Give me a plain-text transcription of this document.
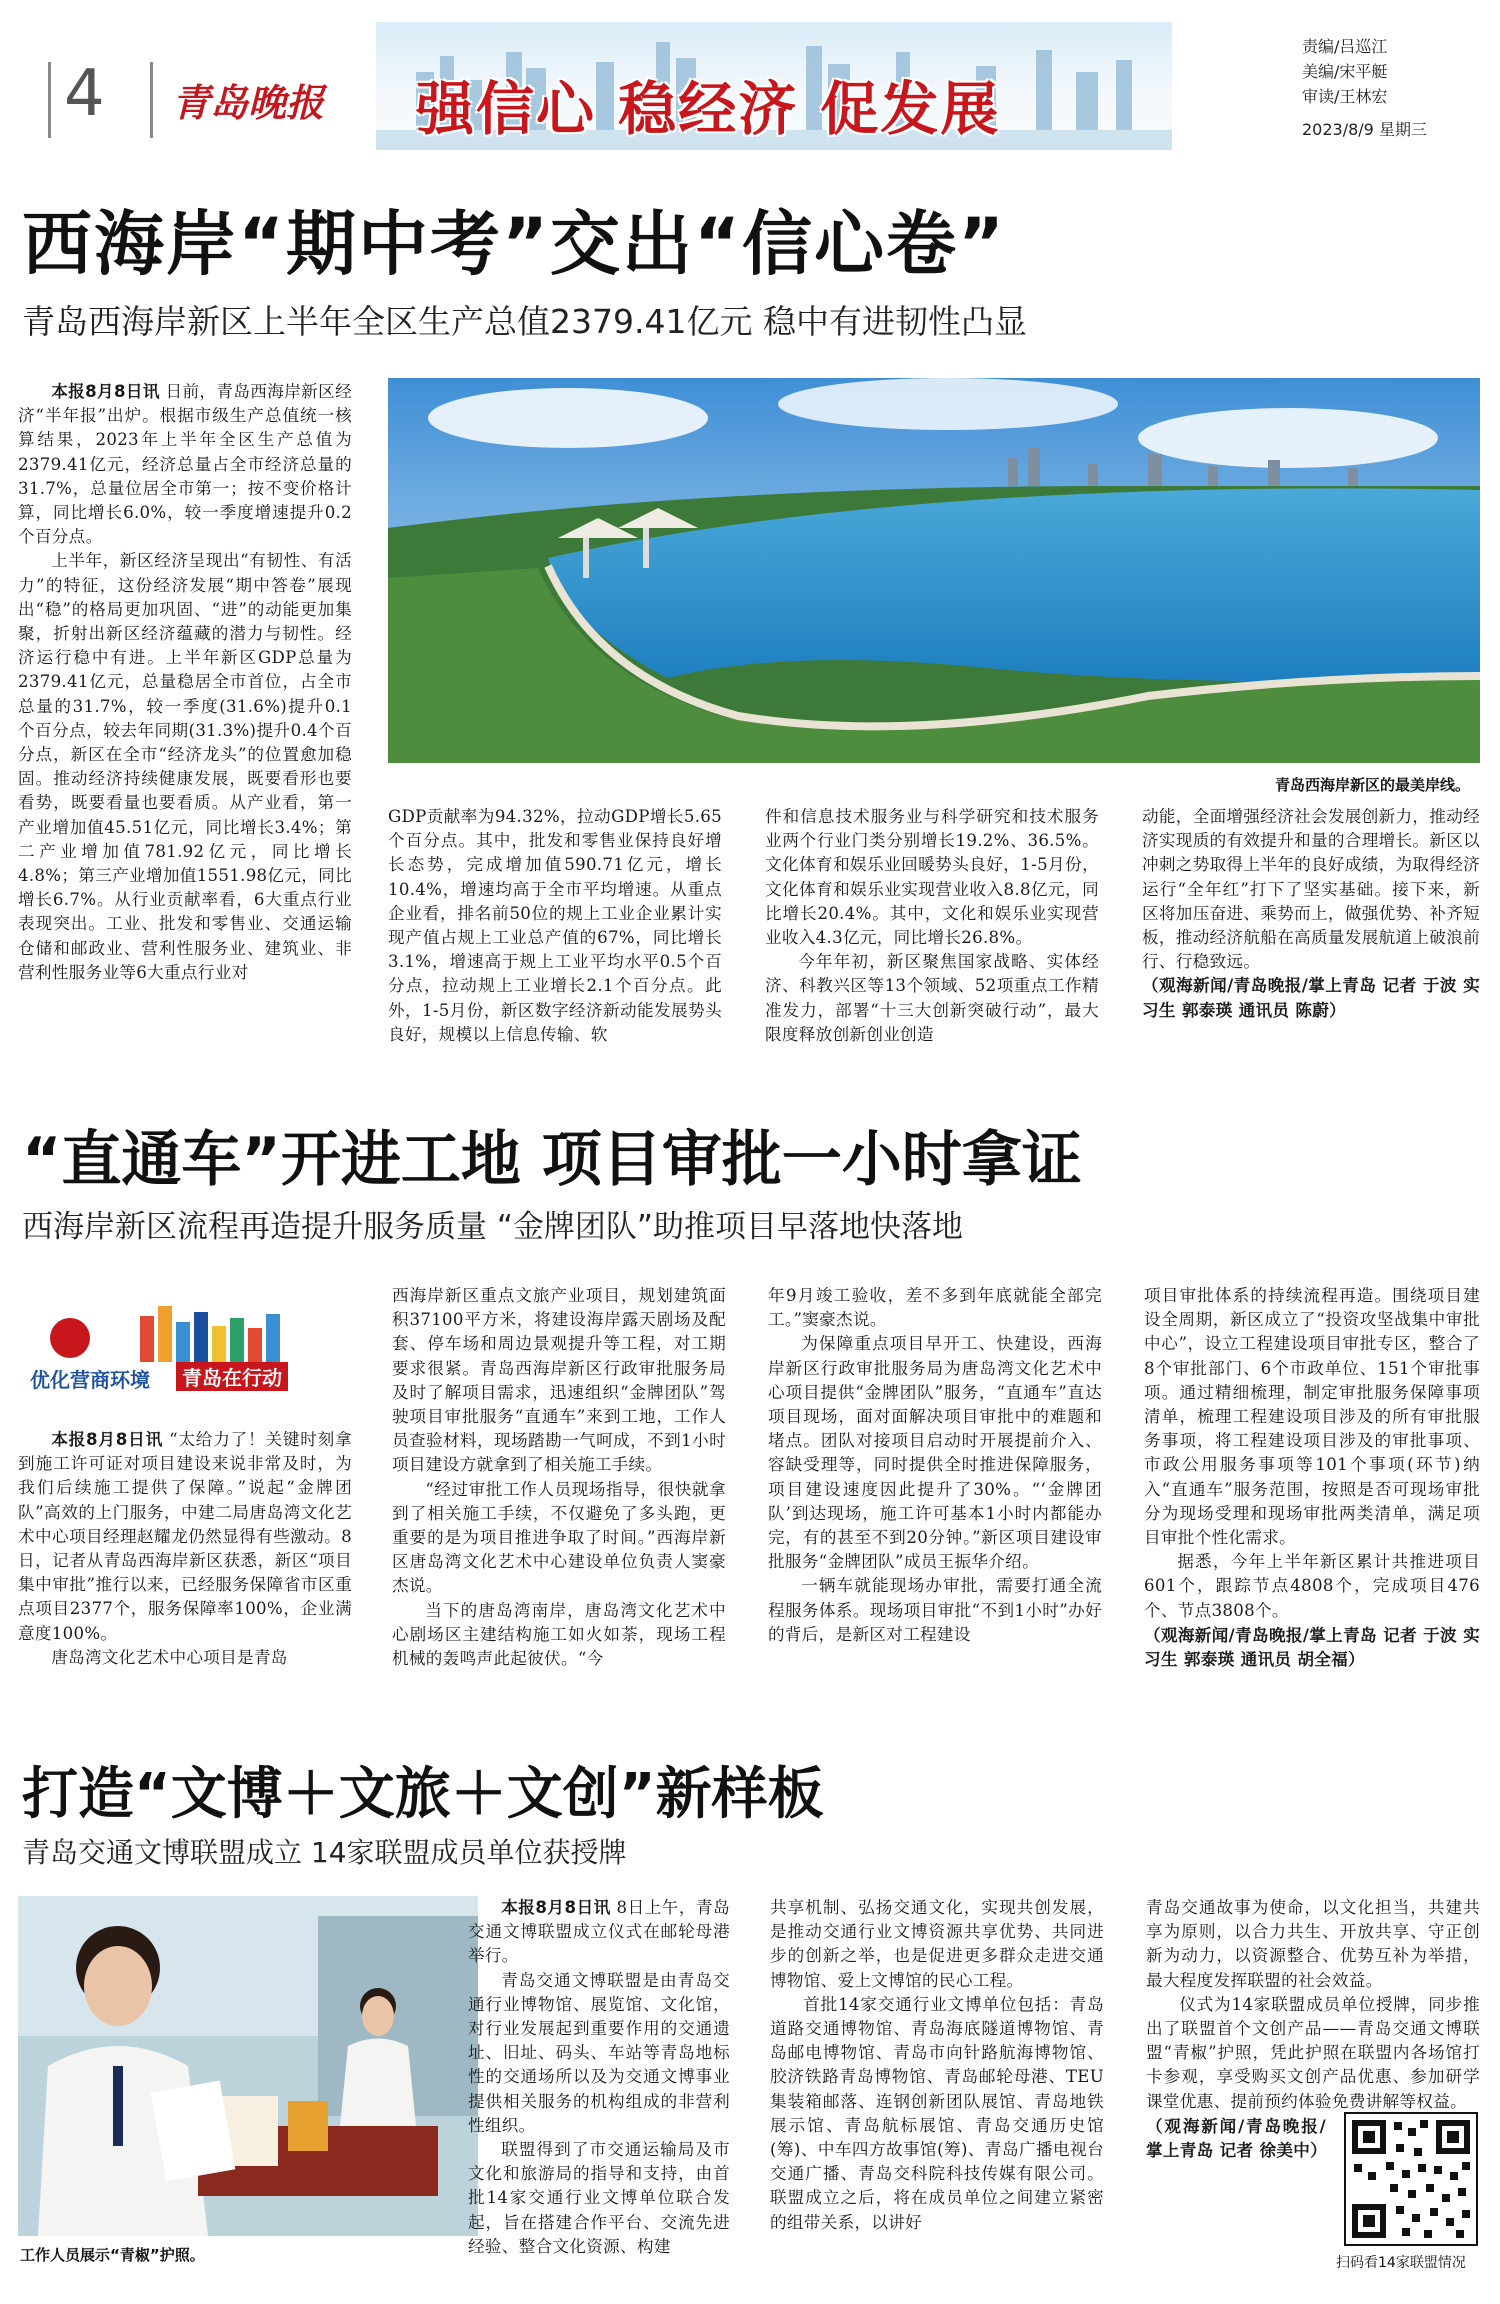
4 青岛晚报 强信心 稳经济 促发展
责编/吕巡江
美编/宋平艇
审读/王林宏
2023/8/9 星期三
西海岸“期中考”交出“信心卷”
青岛西海岸新区上半年全区生产总值2379.41亿元 稳中有进韧性凸显

本报8月8日讯 日前，青岛西海岸新区经济“半年报”出炉。根据市级生产总值统一核算结果，2023年上半年全区生产总值为2379.41亿元，经济总量占全市经济总量的31.7%，总量位居全市第一；按不变价格计算，同比增长6.0%，较一季度增速提升0.2个百分点。

上半年，新区经济呈现出“有韧性、有活力”的特征，这份经济发展“期中答卷”展现出“稳”的格局更加巩固、“进”的动能更加集聚，折射出新区经济蕴藏的潜力与韧性。经济运行稳中有进。上半年新区GDP总量为2379.41亿元，总量稳居全市首位，占全市总量的31.7%，较一季度(31.6%)提升0.1个百分点，较去年同期(31.3%)提升0.4个百分点，新区在全市“经济龙头”的位置愈加稳固。推动经济持续健康发展，既要看形也要看势，既要看量也要看质。从产业看，第一产业增加值45.51亿元，同比增长3.4%；第二产业增加值781.92亿元，同比增长4.8%；第三产业增加值1551.98亿元，同比增长6.7%。从行业贡献率看，6大重点行业表现突出。工业、批发和零售业、交通运输仓储和邮政业、营利性服务业、建筑业、非营利性服务业等6大重点行业对

青岛西海岸新区的最美岸线。

GDP贡献率为94.32%，拉动GDP增长5.65个百分点。其中，批发和零售业保持良好增长态势，完成增加值590.71亿元，增长10.4%，增速均高于全市平均增速。从重点企业看，排名前50位的规上工业企业累计实现产值占规上工业总产值的67%，同比增长3.1%，增速高于规上工业平均水平0.5个百分点，拉动规上工业增长2.1个百分点。此外，1-5月份，新区数字经济新动能发展势头良好，规模以上信息传输、软

件和信息技术服务业与科学研究和技术服务业两个行业门类分别增长19.2%、36.5%。文化体育和娱乐业回暖势头良好，1-5月份，文化体育和娱乐业实现营业收入8.8亿元，同比增长20.4%。其中，文化和娱乐业实现营业收入4.3亿元，同比增长26.8%。

今年年初，新区聚焦国家战略、实体经济、科教兴区等13个领域、52项重点工作精准发力，部署“十三大创新突破行动”，最大限度释放创新创业创造

动能，全面增强经济社会发展创新力，推动经济实现质的有效提升和量的合理增长。新区以冲刺之势取得上半年的良好成绩，为取得经济运行“全年红”打下了坚实基础。接下来，新区将加压奋进、乘势而上，做强优势、补齐短板，推动经济航船在高质量发展航道上破浪前行、行稳致远。

（观海新闻/青岛晚报/掌上青岛 记者 于波 实习生 郭泰瑛 通讯员 陈蔚）

“直通车”开进工地 项目审批一小时拿证
西海岸新区流程再造提升服务质量 “金牌团队”助推项目早落地快落地
优化营商环境	青岛在行动

本报8月8日讯 “太给力了！关键时刻拿到施工许可证对项目建设来说非常及时，为我们后续施工提供了保障。”说起“金牌团队”高效的上门服务，中建二局唐岛湾文化艺术中心项目经理赵耀龙仍然显得有些激动。8日，记者从青岛西海岸新区获悉，新区“项目集中审批”推行以来，已经服务保障省市区重点项目2377个，服务保障率100%，企业满意度100%。

唐岛湾文化艺术中心项目是青岛

西海岸新区重点文旅产业项目，规划建筑面积37100平方米，将建设海岸露天剧场及配套、停车场和周边景观提升等工程，对工期要求很紧。青岛西海岸新区行政审批服务局及时了解项目需求，迅速组织“金牌团队”驾驶项目审批服务“直通车”来到工地，工作人员查验材料，现场踏勘一气呵成，不到1小时项目建设方就拿到了相关施工手续。

“经过审批工作人员现场指导，很快就拿到了相关施工手续，不仅避免了多头跑，更重要的是为项目推进争取了时间。”西海岸新区唐岛湾文化艺术中心建设单位负责人窦豪杰说。

当下的唐岛湾南岸，唐岛湾文化艺术中心剧场区主建结构施工如火如荼，现场工程机械的轰鸣声此起彼伏。“今

年9月竣工验收，差不多到年底就能全部完工。”窦豪杰说。

为保障重点项目早开工、快建设，西海岸新区行政审批服务局为唐岛湾文化艺术中心项目提供“金牌团队”服务，“直通车”直达项目现场，面对面解决项目审批中的难题和堵点。团队对接项目启动时开展提前介入、容缺受理等，同时提供全时推进保障服务，项目建设速度因此提升了30%。“‘金牌团队’到达现场，施工许可基本1小时内都能办完，有的甚至不到20分钟。”新区项目建设审批服务“金牌团队”成员王振华介绍。

一辆车就能现场办审批，需要打通全流程服务体系。现场项目审批“不到1小时”办好的背后，是新区对工程建设

项目审批体系的持续流程再造。围绕项目建设全周期，新区成立了“投资攻坚战集中审批中心”，设立工程建设项目审批专区，整合了8个审批部门、6个市政单位、151个审批事项。通过精细梳理，制定审批服务保障事项清单，梳理工程建设项目涉及的所有审批服务事项，将工程建设项目涉及的审批事项、市政公用服务事项等101个事项(环节)纳入“直通车”服务范围，按照是否可现场审批分为现场受理和现场审批两类清单，满足项目审批个性化需求。

据悉，今年上半年新区累计共推进项目601个，跟踪节点4808个，完成项目476个、节点3808个。

（观海新闻/青岛晚报/掌上青岛 记者 于波 实习生 郭泰瑛 通讯员 胡全福）

打造“文博＋文旅＋文创”新样板
青岛交通文博联盟成立 14家联盟成员单位获授牌
工作人员展示“青椒”护照。

本报8月8日讯 8日上午，青岛交通文博联盟成立仪式在邮轮母港举行。

青岛交通文博联盟是由青岛交通行业博物馆、展览馆、文化馆，对行业发展起到重要作用的交通遗址、旧址、码头、车站等青岛地标性的交通场所以及为交通文博事业提供相关服务的机构组成的非营利性组织。

联盟得到了市交通运输局及市文化和旅游局的指导和支持，由首批14家交通行业文博单位联合发起，旨在搭建合作平台、交流先进经验、整合文化资源、构建

共享机制、弘扬交通文化，实现共创发展，是推动交通行业文博资源共享优势、共同进步的创新之举，也是促进更多群众走进交通博物馆、爱上文博馆的民心工程。

首批14家交通行业文博单位包括：青岛道路交通博物馆、青岛海底隧道博物馆、青岛邮电博物馆、青岛市向针路航海博物馆、胶济铁路青岛博物馆、青岛邮轮母港、TEU集装箱邮落、连钢创新团队展馆、青岛地铁展示馆、青岛航标展馆、青岛交通历史馆(筹)、中车四方故事馆(筹)、青岛广播电视台交通广播、青岛交科院科技传媒有限公司。联盟成立之后，将在成员单位之间建立紧密的组带关系，以讲好

青岛交通故事为使命，以文化担当，共建共享为原则，以合力共生、开放共享、守正创新为动力，以资源整合、优势互补为举措，最大程度发挥联盟的社会效益。

仪式为14家联盟成员单位授牌，同步推出了联盟首个文创产品——青岛交通文博联盟“青椒”护照，凭此护照在联盟内各场馆打卡参观，享受购买文创产品优惠、参加研学课堂优惠、提前预约体验免费讲解等权益。

（观海新闻/青岛晚报/掌上青岛 记者 徐美中）

扫码看14家联盟情况
